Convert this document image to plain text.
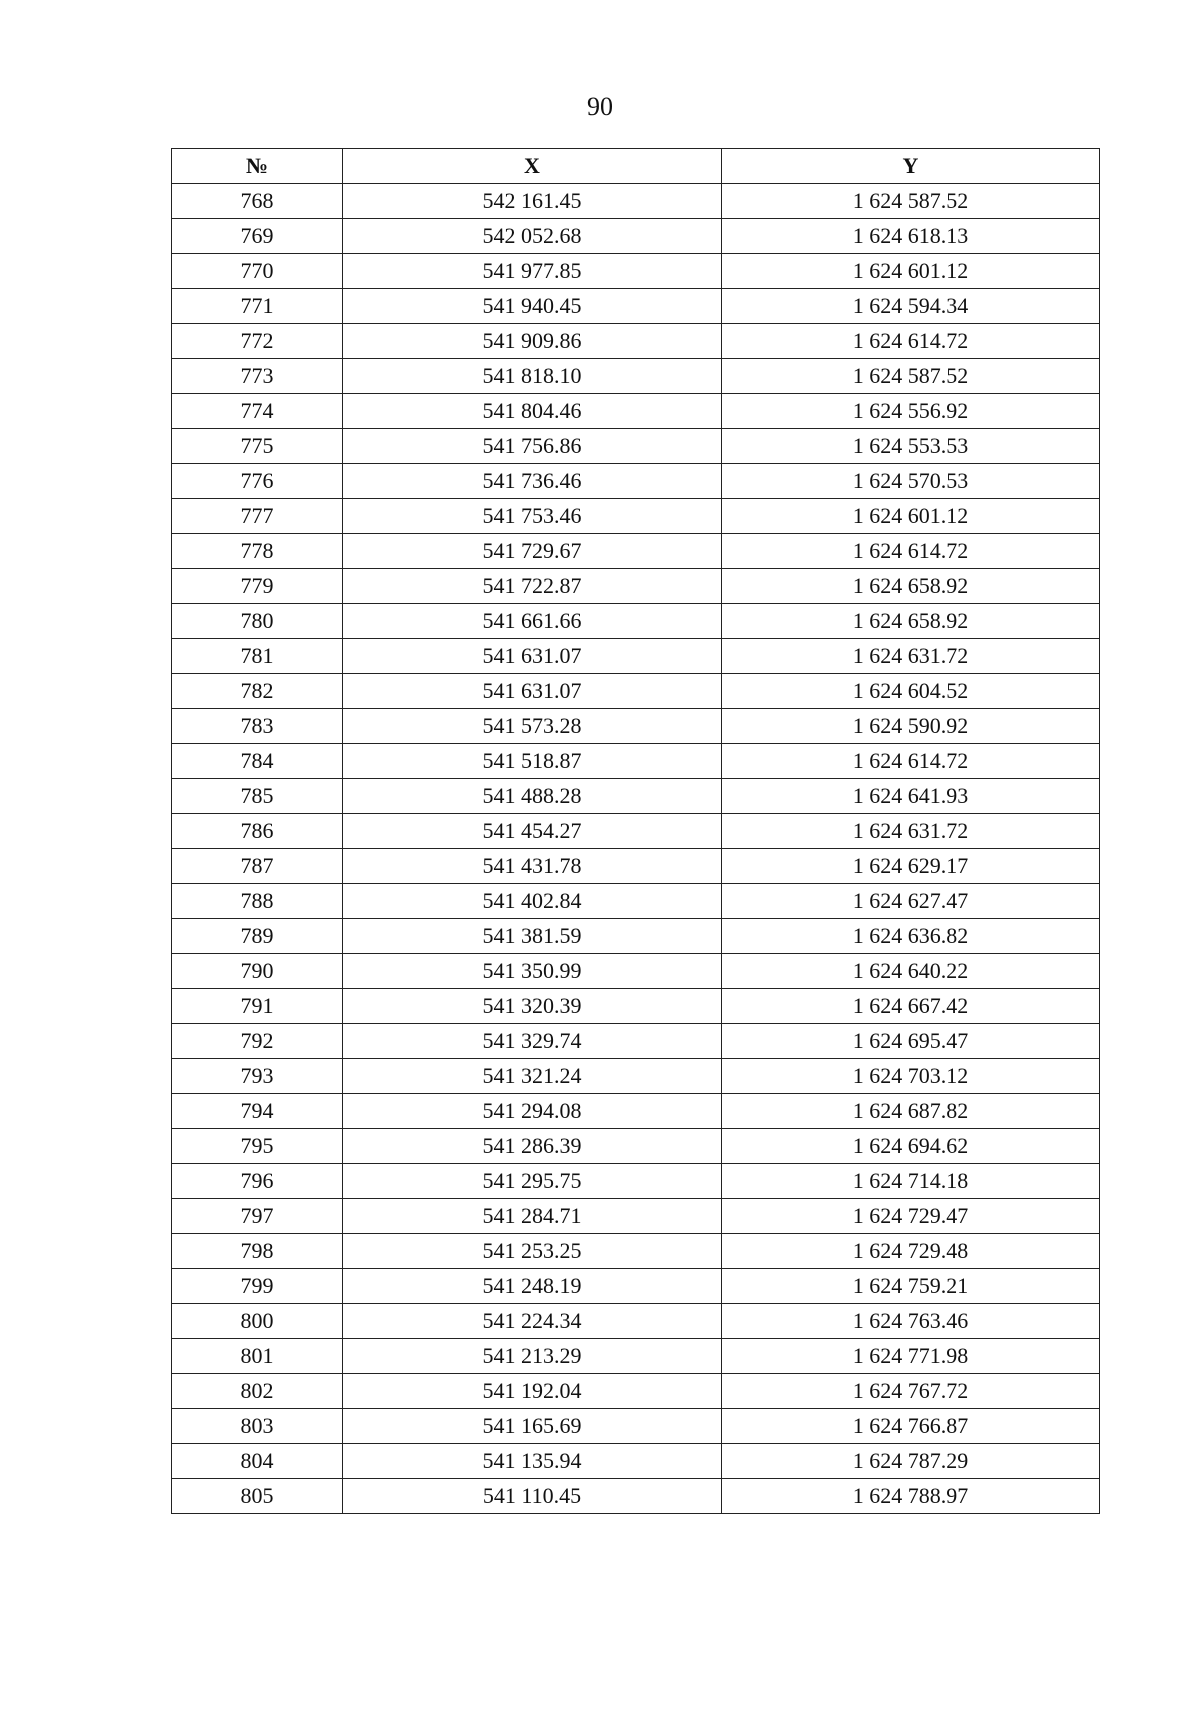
90
№	X	Y
768	542 161.45	1 624 587.52
769	542 052.68	1 624 618.13
770	541 977.85	1 624 601.12
771	541 940.45	1 624 594.34
772	541 909.86	1 624 614.72
773	541 818.10	1 624 587.52
774	541 804.46	1 624 556.92
775	541 756.86	1 624 553.53
776	541 736.46	1 624 570.53
777	541 753.46	1 624 601.12
778	541 729.67	1 624 614.72
779	541 722.87	1 624 658.92
780	541 661.66	1 624 658.92
781	541 631.07	1 624 631.72
782	541 631.07	1 624 604.52
783	541 573.28	1 624 590.92
784	541 518.87	1 624 614.72
785	541 488.28	1 624 641.93
786	541 454.27	1 624 631.72
787	541 431.78	1 624 629.17
788	541 402.84	1 624 627.47
789	541 381.59	1 624 636.82
790	541 350.99	1 624 640.22
791	541 320.39	1 624 667.42
792	541 329.74	1 624 695.47
793	541 321.24	1 624 703.12
794	541 294.08	1 624 687.82
795	541 286.39	1 624 694.62
796	541 295.75	1 624 714.18
797	541 284.71	1 624 729.47
798	541 253.25	1 624 729.48
799	541 248.19	1 624 759.21
800	541 224.34	1 624 763.46
801	541 213.29	1 624 771.98
802	541 192.04	1 624 767.72
803	541 165.69	1 624 766.87
804	541 135.94	1 624 787.29
805	541 110.45	1 624 788.97
